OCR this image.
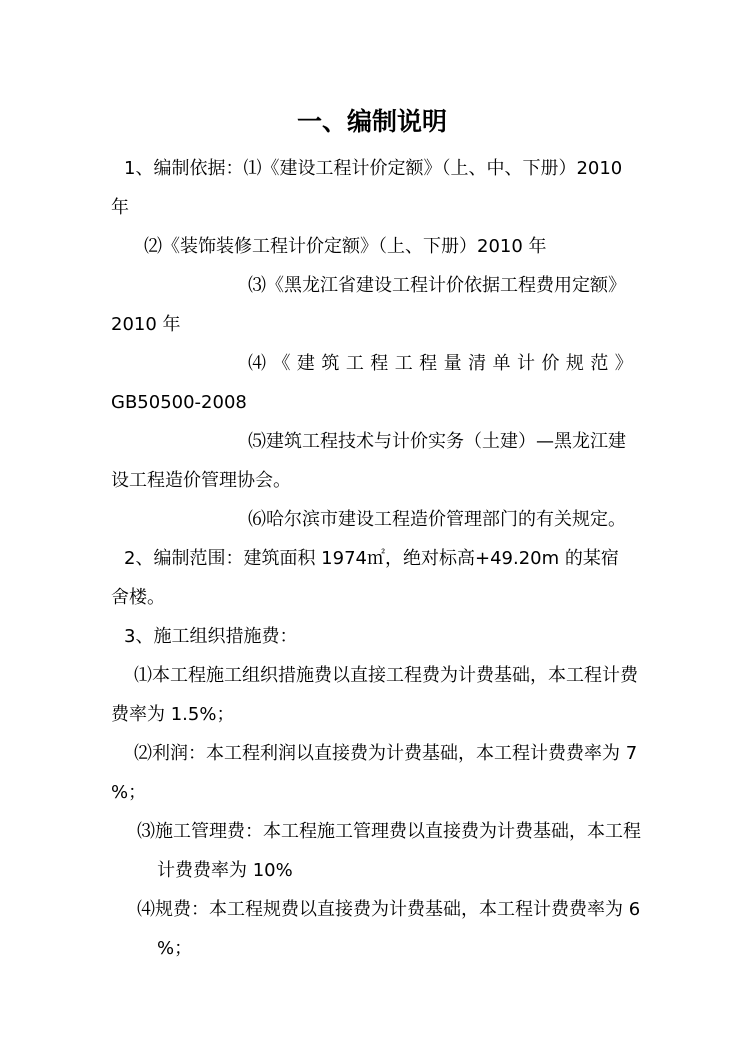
一、编制说明

1、编制依据：⑴《建设工程计价定额》（上、中、下册）2010

年

⑵《装饰装修工程计价定额》（上、下册）2010 年

⑶《黑龙江省建设工程计价依据工程费用定额》

2010 年

⑷ 《 建 筑 工 程 工 程 量 清 单 计 价 规 范 》

GB50500-2008

⑸建筑工程技术与计价实务（土建）—黑龙江建

设工程造价管理协会。

⑹哈尔滨市建设工程造价管理部门的有关规定。

2、编制范围：建筑面积 1974㎡，绝对标高+49.20m 的某宿

舍楼。

3、施工组织措施费：

⑴本工程施工组织措施费以直接工程费为计费基础，本工程计费

费率为 1.5%；

⑵利润：本工程利润以直接费为计费基础，本工程计费费率为 7

%；

⑶施工管理费：本工程施工管理费以直接费为计费基础，本工程

计费费率为 10%

⑷规费：本工程规费以直接费为计费基础，本工程计费费率为 6

%；
